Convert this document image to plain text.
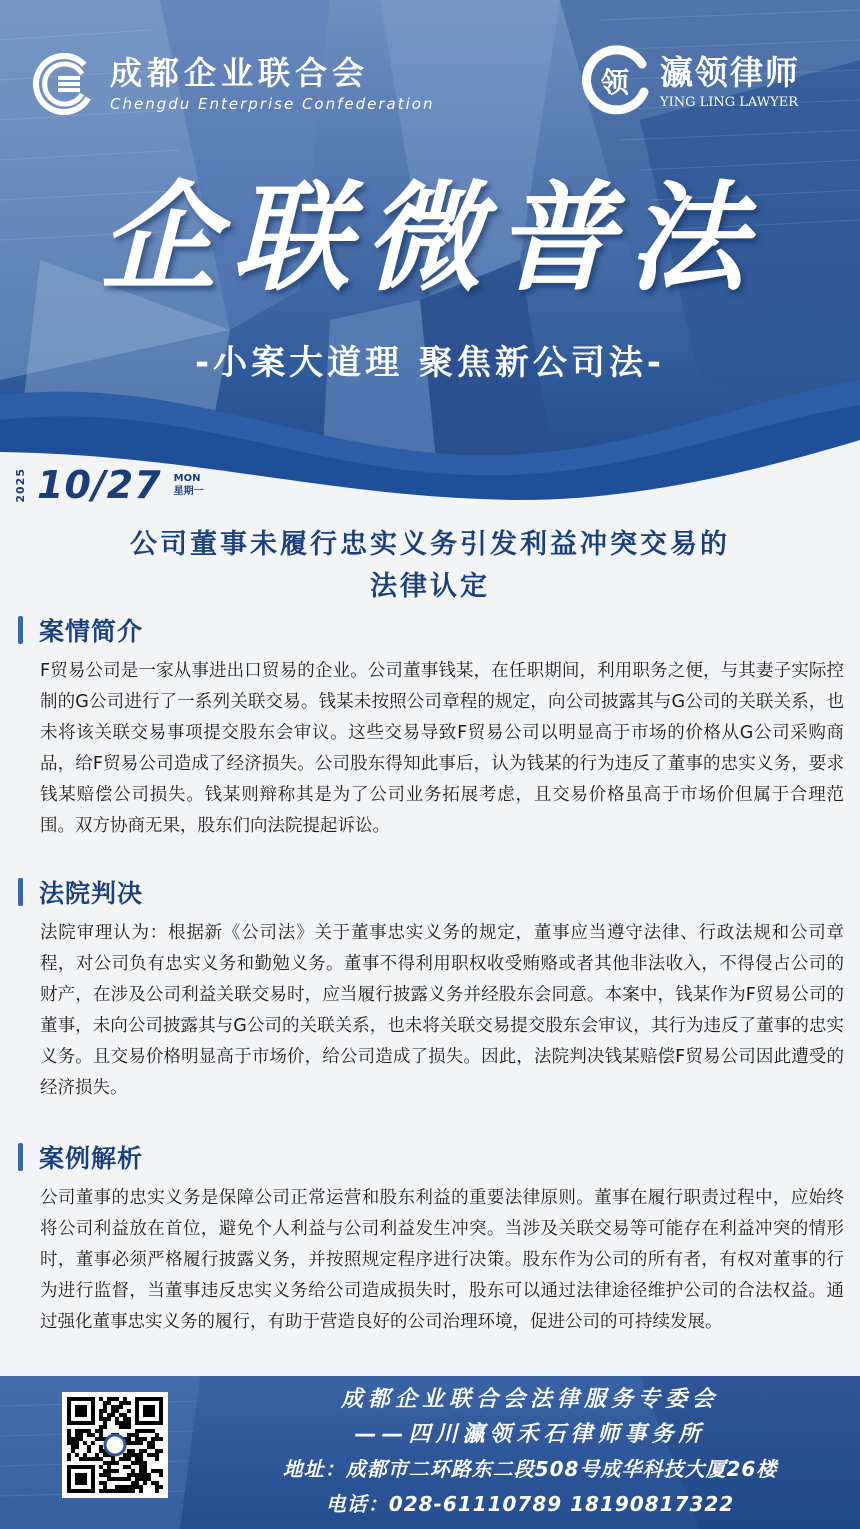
成都企业联合会
Chengdu Enterprise Confederation
领 瀛领律师
YING LING LAWYER
企联微普法
-小案大道理 聚焦新公司法-
2025 10/27 MON
星期一
公司董事未履行忠实义务引发利益冲突交易的
法律认定
案情简介
F贸易公司是一家从事进出口贸易的企业。公司董事钱某，在任职期间，利用职务之便，与其妻子实际控制的G公司进行了一系列关联交易。钱某未按照公司章程的规定，向公司披露其与G公司的关联关系，也未将该关联交易事项提交股东会审议。这些交易导致F贸易公司以明显高于市场的价格从G公司采购商品，给F贸易公司造成了经济损失。公司股东得知此事后，认为钱某的行为违反了董事的忠实义务，要求钱某赔偿公司损失。钱某则辩称其是为了公司业务拓展考虑，且交易价格虽高于市场价但属于合理范围。双方协商无果，股东们向法院提起诉讼。
法院判决
法院审理认为：根据新《公司法》关于董事忠实义务的规定，董事应当遵守法律、行政法规和公司章程，对公司负有忠实义务和勤勉义务。董事不得利用职权收受贿赂或者其他非法收入，不得侵占公司的财产，在涉及公司利益关联交易时，应当履行披露义务并经股东会同意。本案中，钱某作为F贸易公司的董事，未向公司披露其与G公司的关联关系，也未将关联交易提交股东会审议，其行为违反了董事的忠实义务。且交易价格明显高于市场价，给公司造成了损失。因此，法院判决钱某赔偿F贸易公司因此遭受的经济损失。
案例解析
公司董事的忠实义务是保障公司正常运营和股东利益的重要法律原则。董事在履行职责过程中，应始终将公司利益放在首位，避免个人利益与公司利益发生冲突。当涉及关联交易等可能存在利益冲突的情形时，董事必须严格履行披露义务，并按照规定程序进行决策。股东作为公司的所有者，有权对董事的行为进行监督，当董事违反忠实义务给公司造成损失时，股东可以通过法律途径维护公司的合法权益。通过强化董事忠实义务的履行，有助于营造良好的公司治理环境，促进公司的可持续发展。
成都企业联合会法律服务专委会
——四川瀛领禾石律师事务所
地址：成都市二环路东二段508号成华科技大厦26楼
电话：028-61110789 18190817322
